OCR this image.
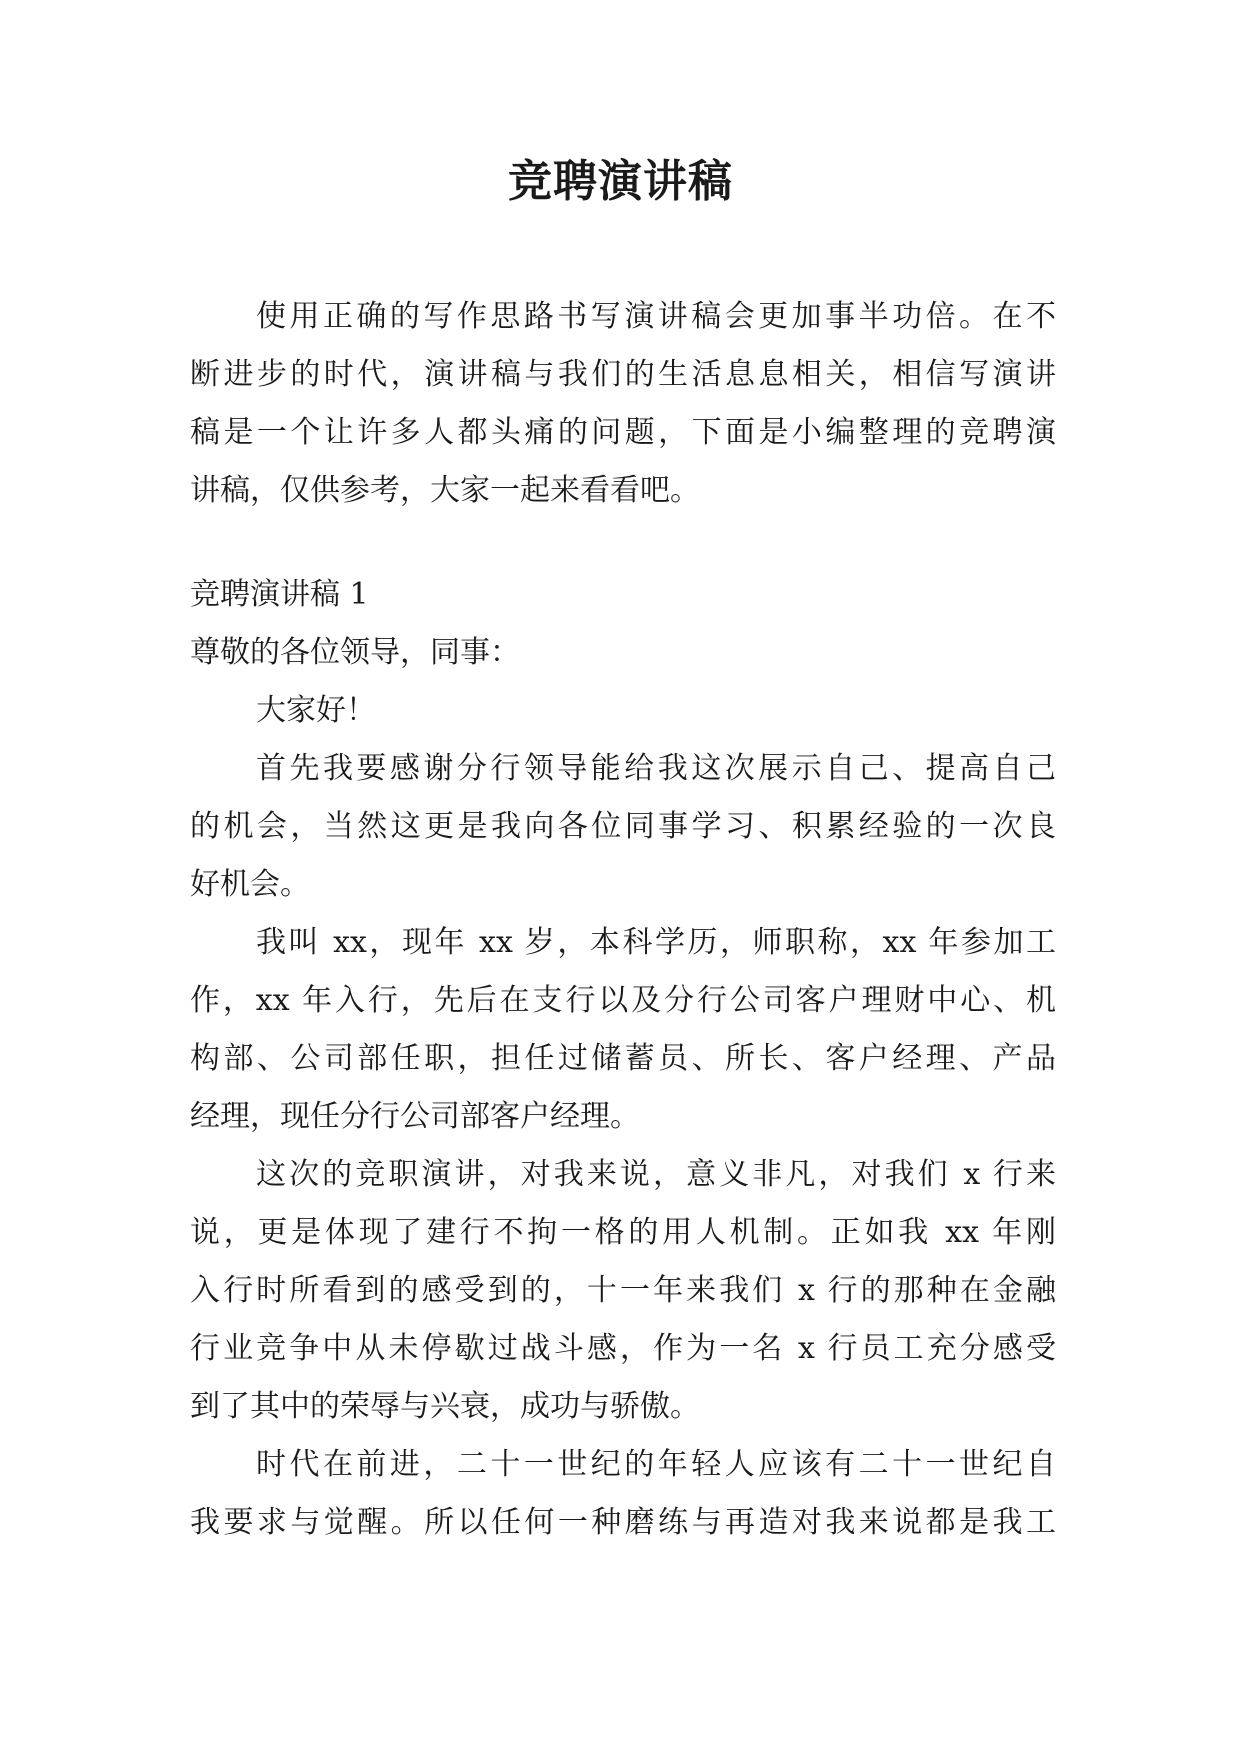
竞聘演讲稿
使用正确的写作思路书写演讲稿会更加事半功倍。在不
断进步的时代，演讲稿与我们的生活息息相关，相信写演讲
稿是一个让许多人都头痛的问题，下面是小编整理的竞聘演
讲稿，仅供参考，大家一起来看看吧。
竞聘演讲稿 1
尊敬的各位领导，同事：
大家好！
首先我要感谢分行领导能给我这次展示自己、提高自己
的机会，当然这更是我向各位同事学习、积累经验的一次良
好机会。
我叫 xx，现年 xx 岁，本科学历，师职称，xx 年参加工
作，xx 年入行，先后在支行以及分行公司客户理财中心、机
构部、公司部任职，担任过储蓄员、所长、客户经理、产品
经理，现任分行公司部客户经理。
这次的竞职演讲，对我来说，意义非凡，对我们 x 行来
说，更是体现了建行不拘一格的用人机制。正如我 xx 年刚
入行时所看到的感受到的，十一年来我们 x 行的那种在金融
行业竞争中从未停歇过战斗感，作为一名 x 行员工充分感受
到了其中的荣辱与兴衰，成功与骄傲。
时代在前进，二十一世纪的年轻人应该有二十一世纪自
我要求与觉醒。所以任何一种磨练与再造对我来说都是我工
